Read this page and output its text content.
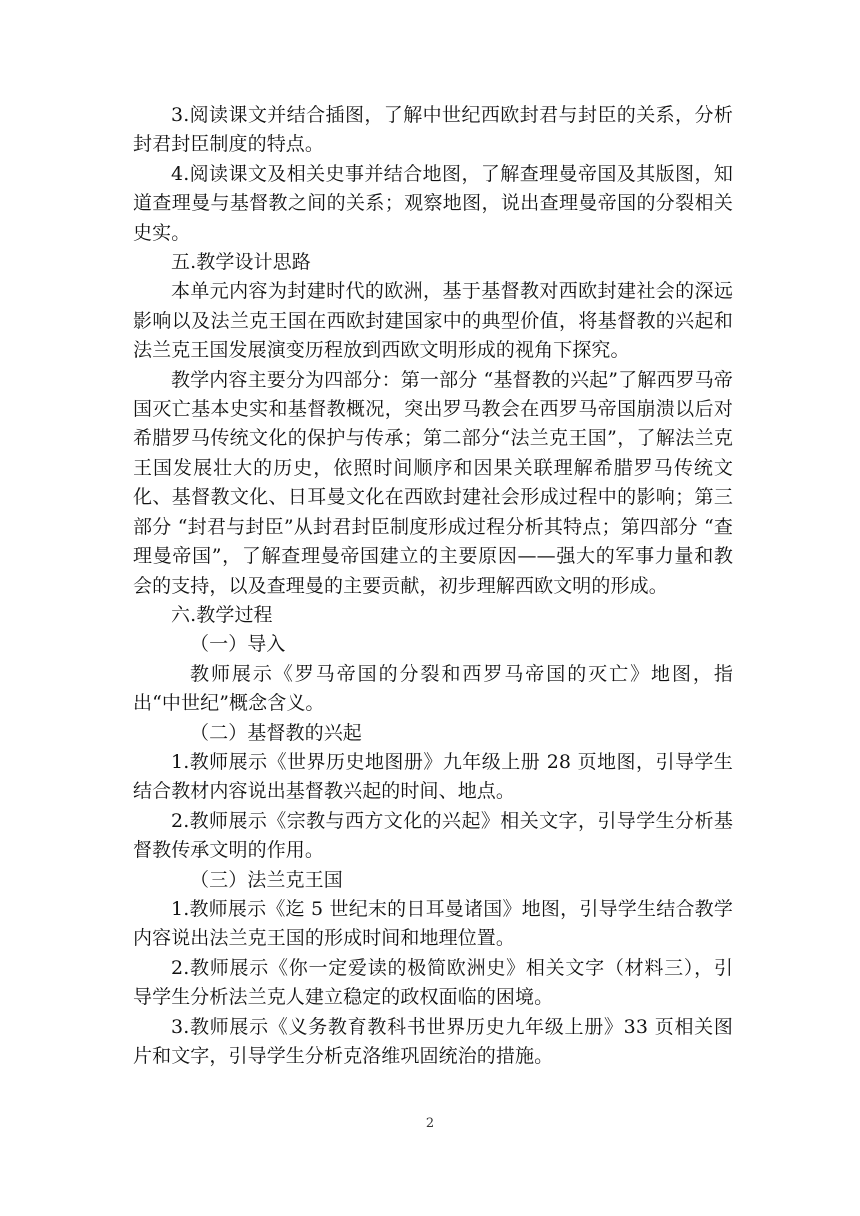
3.阅读课文并结合插图，了解中世纪西欧封君与封臣的关系，分析封君封臣制度的特点。

4.阅读课文及相关史事并结合地图，了解查理曼帝国及其版图，知道查理曼与基督教之间的关系；观察地图，说出查理曼帝国的分裂相关史实。

五.教学设计思路

本单元内容为封建时代的欧洲，基于基督教对西欧封建社会的深远影响以及法兰克王国在西欧封建国家中的典型价值，将基督教的兴起和法兰克王国发展演变历程放到西欧文明形成的视角下探究。

教学内容主要分为四部分：第一部分 “基督教的兴起”了解西罗马帝国灭亡基本史实和基督教概况，突出罗马教会在西罗马帝国崩溃以后对希腊罗马传统文化的保护与传承；第二部分“法兰克王国”，了解法兰克王国发展壮大的历史，依照时间顺序和因果关联理解希腊罗马传统文化、基督教文化、日耳曼文化在西欧封建社会形成过程中的影响；第三部分 “封君与封臣”从封君封臣制度形成过程分析其特点；第四部分 “查理曼帝国”，了解查理曼帝国建立的主要原因——强大的军事力量和教会的支持，以及查理曼的主要贡献，初步理解西欧文明的形成。

六.教学过程

（一）导入

教师展示《罗马帝国的分裂和西罗马帝国的灭亡》地图，指出“中世纪”概念含义。

（二）基督教的兴起

1.教师展示《世界历史地图册》九年级上册 28 页地图，引导学生结合教材内容说出基督教兴起的时间、地点。

2.教师展示《宗教与西方文化的兴起》相关文字，引导学生分析基督教传承文明的作用。

（三）法兰克王国

1.教师展示《迄 5 世纪末的日耳曼诸国》地图，引导学生结合教学内容说出法兰克王国的形成时间和地理位置。

2.教师展示《你一定爱读的极简欧洲史》相关文字（材料三），引导学生分析法兰克人建立稳定的政权面临的困境。

3.教师展示《义务教育教科书世界历史九年级上册》33 页相关图片和文字，引导学生分析克洛维巩固统治的措施。

2
